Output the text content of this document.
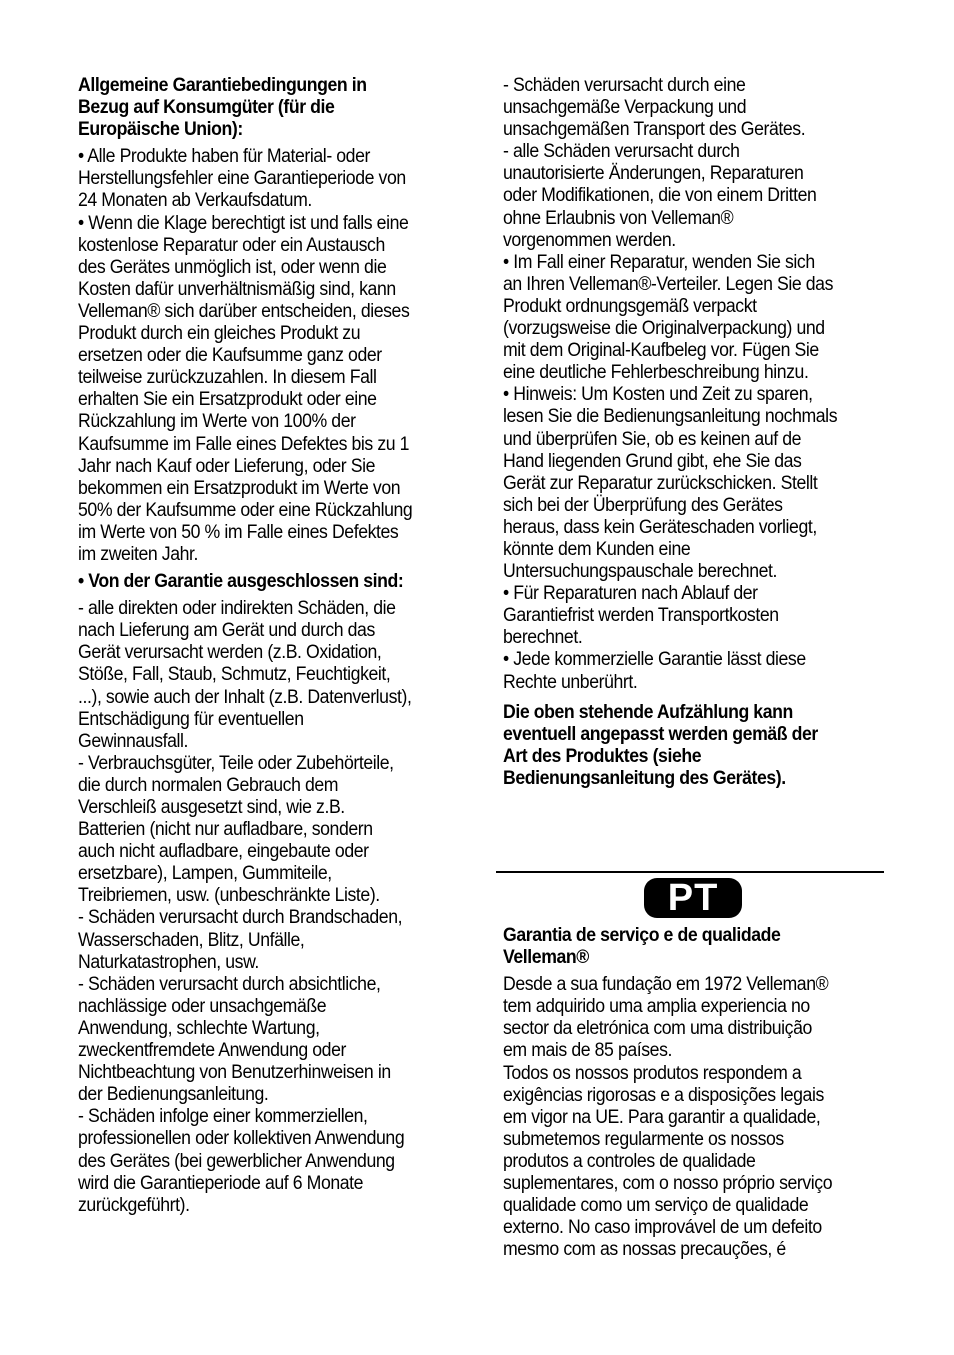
Allgemeine Garantiebedingungen in
Bezug auf Konsumgüter (für die
Europäische Union):

• Alle Produkte haben für Material- oder
Herstellungsfehler eine Garantieperiode von
24 Monaten ab Verkaufsdatum.
• Wenn die Klage berechtigt ist und falls eine
kostenlose Reparatur oder ein Austausch
des Gerätes unmöglich ist, oder wenn die
Kosten dafür unverhältnismäßig sind, kann
Velleman® sich darüber entscheiden, dieses
Produkt durch ein gleiches Produkt zu
ersetzen oder die Kaufsumme ganz oder
teilweise zurückzuzahlen. In diesem Fall
erhalten Sie ein Ersatzprodukt oder eine
Rückzahlung im Werte von 100% der
Kaufsumme im Falle eines Defektes bis zu 1
Jahr nach Kauf oder Lieferung, oder Sie
bekommen ein Ersatzprodukt im Werte von
50% der Kaufsumme oder eine Rückzahlung
im Werte von 50 % im Falle eines Defektes
im zweiten Jahr.

• Von der Garantie ausgeschlossen sind:

- alle direkten oder indirekten Schäden, die
nach Lieferung am Gerät und durch das
Gerät verursacht werden (z.B. Oxidation,
Stöße, Fall, Staub, Schmutz, Feuchtigkeit,
...), sowie auch der Inhalt (z.B. Datenverlust),
Entschädigung für eventuellen
Gewinnausfall.
- Verbrauchsgüter, Teile oder Zubehörteile,
die durch normalen Gebrauch dem
Verschleiß ausgesetzt sind, wie z.B.
Batterien (nicht nur aufladbare, sondern
auch nicht aufladbare, eingebaute oder
ersetzbare), Lampen, Gummiteile,
Treibriemen, usw. (unbeschränkte Liste).
- Schäden verursacht durch Brandschaden,
Wasserschaden, Blitz, Unfälle,
Naturkatastrophen, usw.
- Schäden verursacht durch absichtliche,
nachlässige oder unsachgemäße
Anwendung, schlechte Wartung,
zweckentfremdete Anwendung oder
Nichtbeachtung von Benutzerhinweisen in
der Bedienungsanleitung.
- Schäden infolge einer kommerziellen,
professionellen oder kollektiven Anwendung
des Gerätes (bei gewerblicher Anwendung
wird die Garantieperiode auf 6 Monate
zurückgeführt).

- Schäden verursacht durch eine
unsachgemäße Verpackung und
unsachgemäßen Transport des Gerätes.
- alle Schäden verursacht durch
unautorisierte Änderungen, Reparaturen
oder Modifikationen, die von einem Dritten
ohne Erlaubnis von Velleman®
vorgenommen werden.
• Im Fall einer Reparatur, wenden Sie sich
an Ihren Velleman®-Verteiler. Legen Sie das
Produkt ordnungsgemäß verpackt
(vorzugsweise die Originalverpackung) und
mit dem Original-Kaufbeleg vor. Fügen Sie
eine deutliche Fehlerbeschreibung hinzu.
• Hinweis: Um Kosten und Zeit zu sparen,
lesen Sie die Bedienungsanleitung nochmals
und überprüfen Sie, ob es keinen auf de
Hand liegenden Grund gibt, ehe Sie das
Gerät zur Reparatur zurückschicken. Stellt
sich bei der Überprüfung des Gerätes
heraus, dass kein Geräteschaden vorliegt,
könnte dem Kunden eine
Untersuchungspauschale berechnet.
• Für Reparaturen nach Ablauf der
Garantiefrist werden Transportkosten
berechnet.
• Jede kommerzielle Garantie lässt diese
Rechte unberührt.

Die oben stehende Aufzählung kann
eventuell angepasst werden gemäß der
Art des Produktes (siehe
Bedienungsanleitung des Gerätes).

PT

Garantia de serviço e de qualidade
Velleman®

Desde a sua fundação em 1972 Velleman®
tem adquirido uma amplia experiencia no
sector da eletrónica com uma distribuição
em mais de 85 países.
Todos os nossos produtos respondem a
exigências rigorosas e a disposições legais
em vigor na UE. Para garantir a qualidade,
submetemos regularmente os nossos
produtos a controles de qualidade
suplementares, com o nosso próprio serviço
qualidade como um serviço de qualidade
externo. No caso improvável de um defeito
mesmo com as nossas precauções, é
